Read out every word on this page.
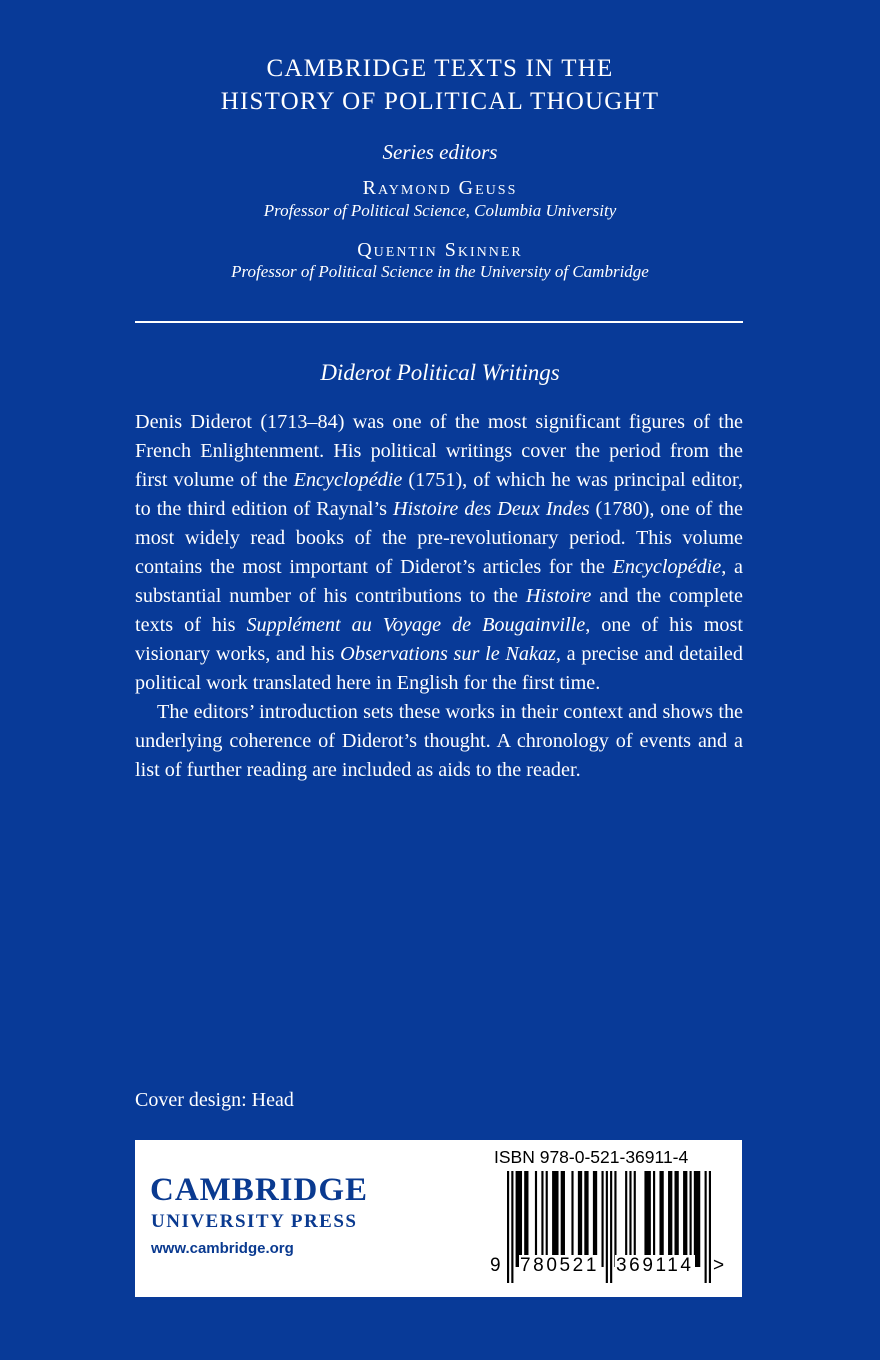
CAMBRIDGE TEXTS IN THE
HISTORY OF POLITICAL THOUGHT
Series editors
Raymond Geuss
Professor of Political Science, Columbia University
Quentin Skinner
Professor of Political Science in the University of Cambridge
Diderot Political Writings

Denis Diderot (1713–84) was one of the most significant figures of the French Enlightenment. His political writings cover the period from the first volume of the Encyclopédie (1751), of which he was principal editor, to the third edition of Raynal’s Histoire des Deux Indes (1780), one of the most widely read books of the pre-revolutionary period. This volume contains the most important of Diderot’s articles for the Encyclopédie, a substantial number of his contributions to the Histoire and the complete texts of his Supplément au Voyage de Bougainville, one of his most visionary works, and his Observations sur le Nakaz, a precise and detailed political work translated here in English for the first time.

The editors’ introduction sets these works in their context and shows the underlying coherence of Diderot’s thought. A chronology of events and a list of further reading are included as aids to the reader.

Cover design: Head
CAMBRIDGE
UNIVERSITY PRESS
www.cambridge.org
ISBN 978-0-521-36911-4
9 780521 369114 >
